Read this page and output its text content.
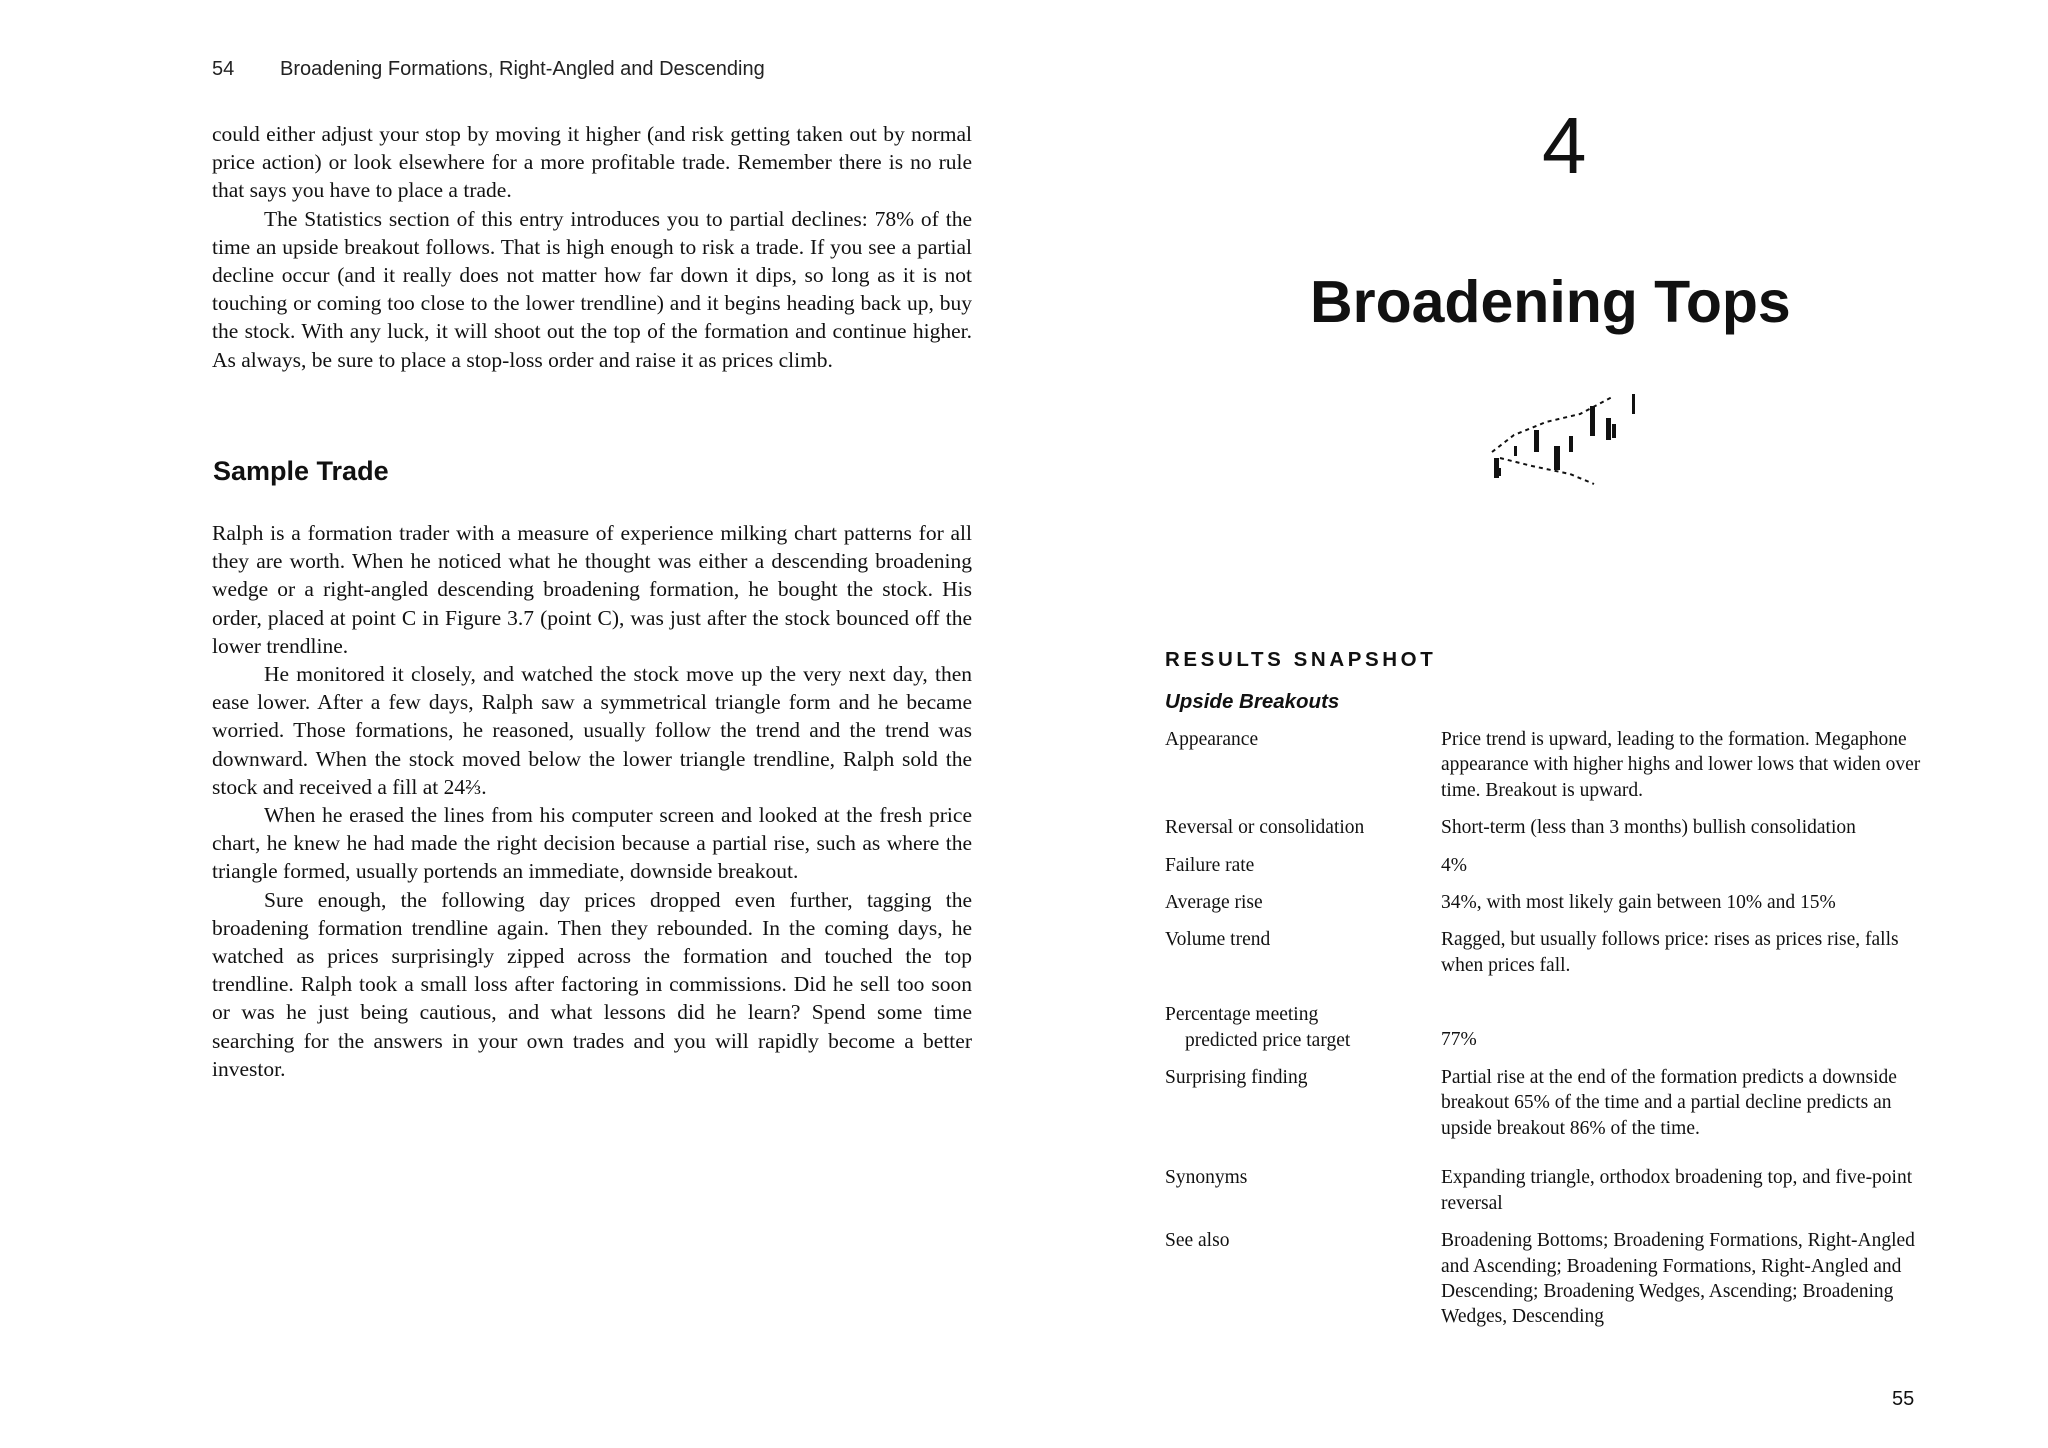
54 Broadening Formations, Right-Angled and Descending

could either adjust your stop by moving it higher (and risk getting taken out by normal price action) or look elsewhere for a more profitable trade. Remember there is no rule that says you have to place a trade.

The Statistics section of this entry introduces you to partial declines: 78% of the time an upside breakout follows. That is high enough to risk a trade. If you see a partial decline occur (and it really does not matter how far down it dips, so long as it is not touching or coming too close to the lower trendline) and it begins heading back up, buy the stock. With any luck, it will shoot out the top of the formation and continue higher. As always, be sure to place a stop-loss order and raise it as prices climb.

Sample Trade

Ralph is a formation trader with a measure of experience milking chart patterns for all they are worth. When he noticed what he thought was either a descending broadening wedge or a right-angled descending broadening formation, he bought the stock. His order, placed at point C in Figure 3.7 (point C), was just after the stock bounced off the lower trendline.

He monitored it closely, and watched the stock move up the very next day, then ease lower. After a few days, Ralph saw a symmetrical triangle form and he became worried. Those formations, he reasoned, usually follow the trend and the trend was downward. When the stock moved below the lower triangle trendline, Ralph sold the stock and received a fill at 24⅔.

When he erased the lines from his computer screen and looked at the fresh price chart, he knew he had made the right decision because a partial rise, such as where the triangle formed, usually portends an immediate, downside breakout.

Sure enough, the following day prices dropped even further, tagging the broadening formation trendline again. Then they rebounded. In the coming days, he watched as prices surprisingly zipped across the formation and touched the top trendline. Ralph took a small loss after factoring in commissions. Did he sell too soon or was he just being cautious, and what lessons did he learn? Spend some time searching for the answers in your own trades and you will rapidly become a better investor.

4
Broadening Tops
RESULTS SNAPSHOT
Upside Breakouts
Appearance	Price trend is upward, leading to the formation. Megaphone appearance with higher highs and lower lows that widen over time. Breakout is upward.
Reversal or consolidation	Short-term (less than 3 months) bullish consolidation
Failure rate	4%
Average rise	34%, with most likely gain between 10% and 15%
Volume trend	Ragged, but usually follows price: rises as prices rise, falls when prices fall.
Percentage meeting
predicted price target	77%
Surprising finding	Partial rise at the end of the formation predicts a downside breakout 65% of the time and a partial decline predicts an upside breakout 86% of the time.
Synonyms	Expanding triangle, orthodox broadening top, and five-point reversal
See also	Broadening Bottoms; Broadening Formations, Right-Angled and Ascending; Broadening Formations, Right-Angled and Descending; Broadening Wedges, Ascending; Broadening Wedges, Descending
55
